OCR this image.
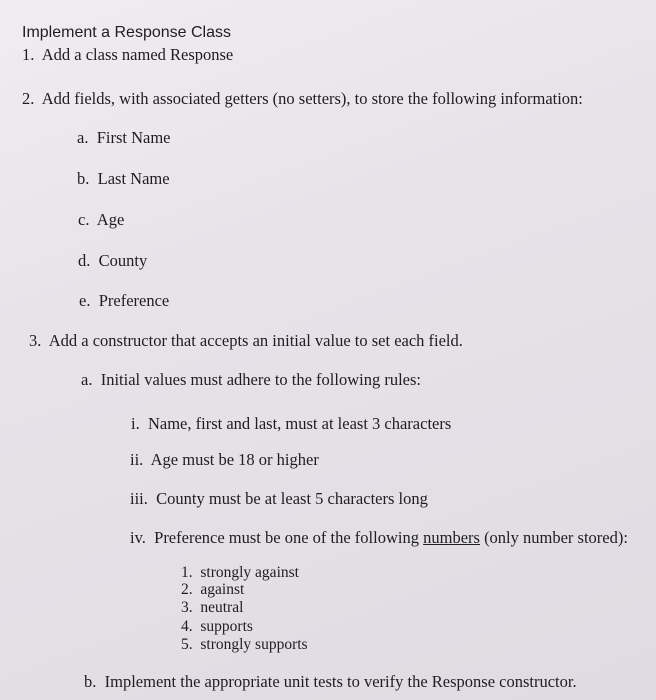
Implement a Response Class
1. Add a class named Response
2. Add fields, with associated getters (no setters), to store the following information:
a. First Name
b. Last Name
c. Age
d. County
e. Preference
3. Add a constructor that accepts an initial value to set each field.
a. Initial values must adhere to the following rules:
i. Name, first and last, must at least 3 characters
ii. Age must be 18 or higher
iii. County must be at least 5 characters long
iv. Preference must be one of the following numbers (only number stored):
1. strongly against
2. against
3. neutral
4. supports
5. strongly supports
b. Implement the appropriate unit tests to verify the Response constructor.
